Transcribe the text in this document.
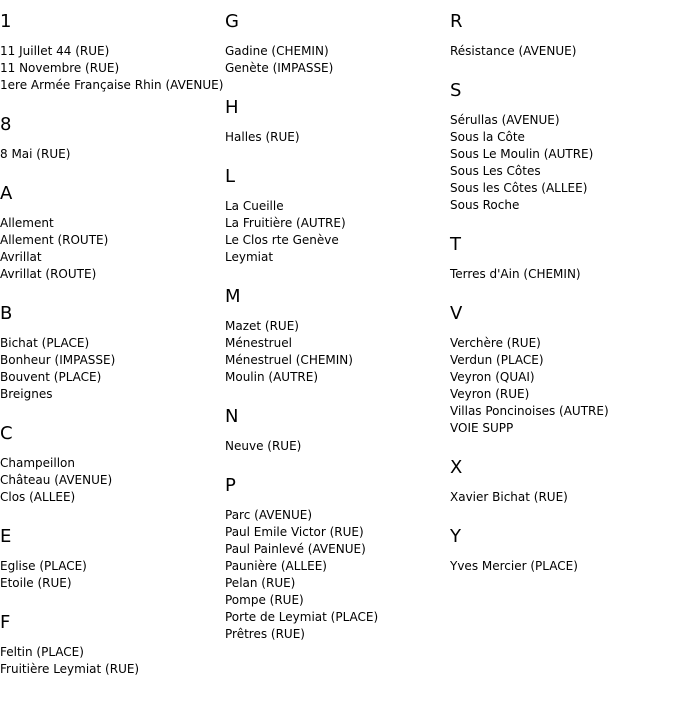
1
11 Juillet 44 (RUE)
11 Novembre (RUE)
1ere Armée Française Rhin (AVENUE)
8
8 Mai (RUE)
A
Allement
Allement (ROUTE)
Avrillat
Avrillat (ROUTE)
B
Bichat (PLACE)
Bonheur (IMPASSE)
Bouvent (PLACE)
Breignes
C
Champeillon
Château (AVENUE)
Clos (ALLEE)
E
Eglise (PLACE)
Etoile (RUE)
F
Feltin (PLACE)
Fruitière Leymiat (RUE)
G
Gadine (CHEMIN)
Genète (IMPASSE)
H
Halles (RUE)
L
La Cueille
La Fruitière (AUTRE)
Le Clos rte Genève
Leymiat
M
Mazet (RUE)
Ménestruel
Ménestruel (CHEMIN)
Moulin (AUTRE)
N
Neuve (RUE)
P
Parc (AVENUE)
Paul Emile Victor (RUE)
Paul Painlevé (AVENUE)
Paunière (ALLEE)
Pelan (RUE)
Pompe (RUE)
Porte de Leymiat (PLACE)
Prêtres (RUE)
R
Résistance (AVENUE)
S
Sérullas (AVENUE)
Sous la Côte
Sous Le Moulin (AUTRE)
Sous Les Côtes
Sous les Côtes (ALLEE)
Sous Roche
T
Terres d'Ain (CHEMIN)
V
Verchère (RUE)
Verdun (PLACE)
Veyron (QUAI)
Veyron (RUE)
Villas Poncinoises (AUTRE)
VOIE SUPP
X
Xavier Bichat (RUE)
Y
Yves Mercier (PLACE)
